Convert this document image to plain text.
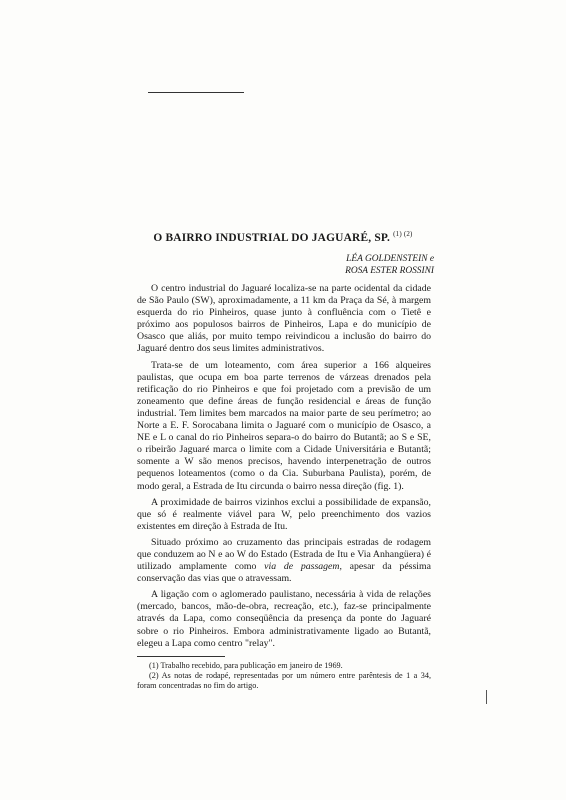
O BAIRRO INDUSTRIAL DO JAGUARÉ, SP. $^{(1) (2)}$
LÉA GOLDENSTEIN e
ROSA ESTER ROSSINI

O centro industrial do Jaguaré localiza-se na parte ocidental da cidade de São Paulo (SW), aproximadamente, a 11 km da Praça da Sé, à margem esquerda do rio Pinheiros, quase junto à confluência com o Tietê e próximo aos populosos bairros de Pinheiros, Lapa e do município de Osasco que aliás, por muito tempo reivindicou a inclusão do bairro do Jaguaré dentro dos seus limites administrativos.

Trata-se de um loteamento, com área superior a 166 alqueires paulistas, que ocupa em boa parte terrenos de várzeas drenados pela retificação do rio Pinheiros e que foi projetado com a previsão de um zoneamento que define áreas de função residencial e áreas de função industrial. Tem limites bem marcados na maior parte de seu perímetro; ao Norte a E. F. Sorocabana limita o Jaguaré com o município de Osasco, a NE e L o canal do rio Pinheiros separa-o do bairro do Butantã; ao S e SE, o ribeirão Jaguaré marca o limite com a Cidade Universitária e Butantã; somente a W são menos precisos, havendo interpenetração de outros pequenos loteamentos (como o da Cia. Suburbana Paulista), porém, de modo geral, a Estrada de Itu circunda o bairro nessa direção (fig. 1).

A proximidade de bairros vizinhos exclui a possibilidade de expansão, que só é realmente viável para W, pelo preenchimento dos vazios existentes em direção à Estrada de Itu.

Situado próximo ao cruzamento das principais estradas de rodagem que conduzem ao N e ao W do Estado (Estrada de Itu e Via Anhangüera) é utilizado amplamente como via de passagem, apesar da péssima conservação das vias que o atravessam.

A ligação com o aglomerado paulistano, necessária à vida de relações (mercado, bancos, mão-de-obra, recreação, etc.), faz-se principalmente através da Lapa, como conseqüência da presença da ponte do Jaguaré sobre o rio Pinheiros. Embora administrativamente ligado ao Butantã, elegeu a Lapa como centro "relay".

(1) Trabalho recebido, para publicação em janeiro de 1969.

(2) As notas de rodapé, representadas por um número entre parêntesis de 1 a 34, foram concentradas no fim do artigo.
